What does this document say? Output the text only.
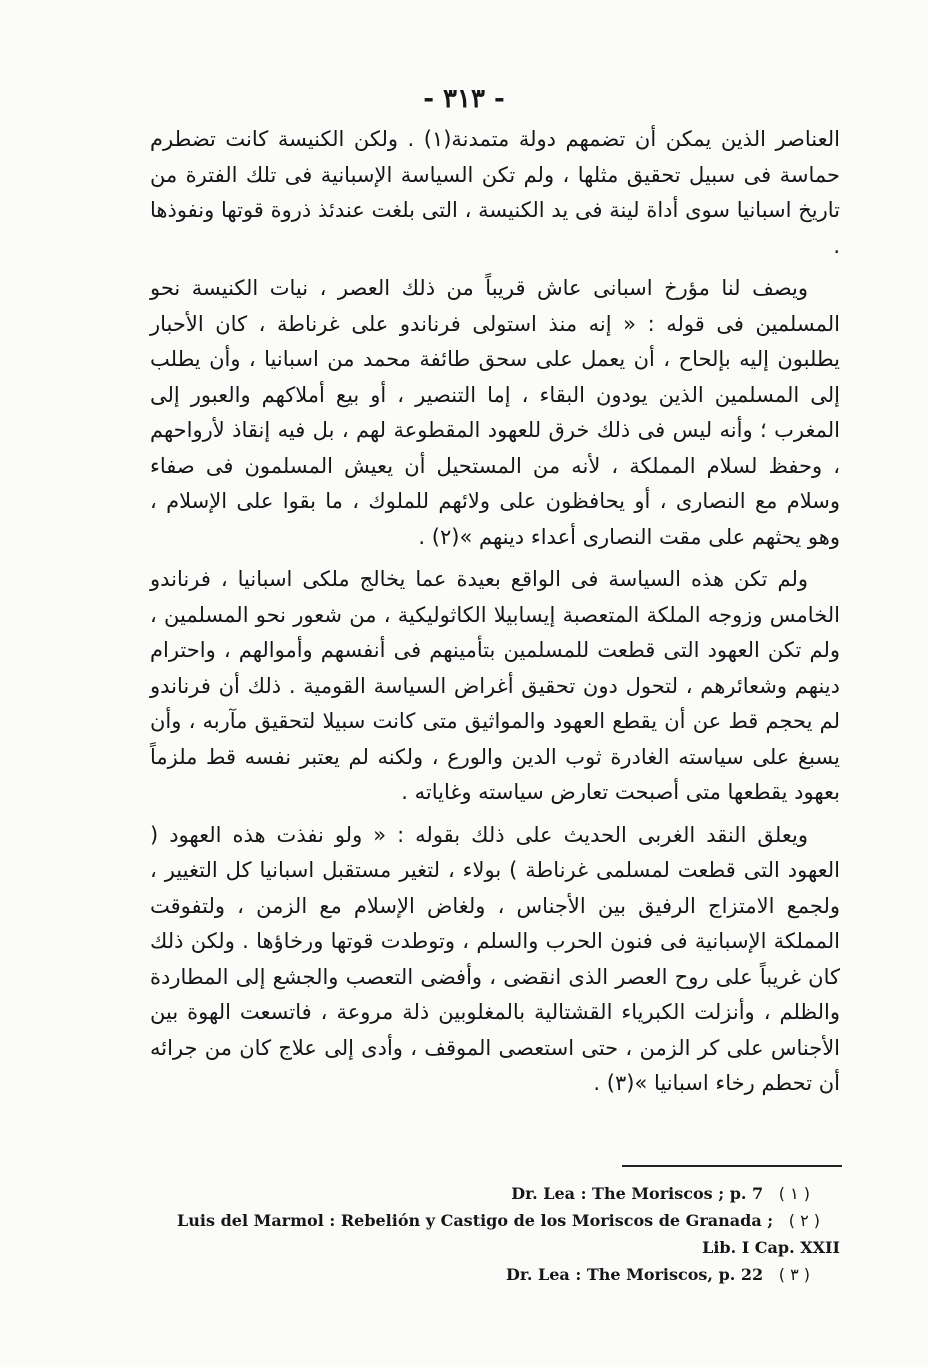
- ٣١٣ -

العناصر الذين يمكن أن تضمهم دولة متمدنة(١) . ولكن الكنيسة كانت تضطرم حماسة فى سبيل تحقيق مثلها ، ولم تكن السياسة الإسبانية فى تلك الفترة من تاريخ اسبانيا سوى أداة لينة فى يد الكنيسة ، التى بلغت عندئذ ذروة قوتها ونفوذها .

ويصف لنا مؤرخ اسبانى عاش قريباً من ذلك العصر ، نيات الكنيسة نحو المسلمين فى قوله : « إنه منذ استولى فرناندو على غرناطة ، كان الأحبار يطلبون إليه بإلحاح ، أن يعمل على سحق طائفة محمد من اسبانيا ، وأن يطلب إلى المسلمين الذين يودون البقاء ، إما التنصير ، أو بيع أملاكهم والعبور إلى المغرب ؛ وأنه ليس فى ذلك خرق للعهود المقطوعة لهم ، بل فيه إنقاذ لأرواحهم ، وحفظ لسلام المملكة ، لأنه من المستحيل أن يعيش المسلمون فى صفاء وسلام مع النصارى ، أو يحافظون على ولائهم للملوك ، ما بقوا على الإسلام ، وهو يحثهم على مقت النصارى أعداء دينهم »(٢) .

ولم تكن هذه السياسة فى الواقع بعيدة عما يخالج ملكى اسبانيا ، فرناندو الخامس وزوجه الملكة المتعصبة إيسابيلا الكاثوليكية ، من شعور نحو المسلمين ، ولم تكن العهود التى قطعت للمسلمين بتأمينهم فى أنفسهم وأموالهم ، واحترام دينهم وشعائرهم ، لتحول دون تحقيق أغراض السياسة القومية . ذلك أن فرناندو لم يحجم قط عن أن يقطع العهود والمواثيق متى كانت سبيلا لتحقيق مآربه ، وأن يسبغ على سياسته الغادرة ثوب الدين والورع ، ولكنه لم يعتبر نفسه قط ملزماً بعهود يقطعها متى أصبحت تعارض سياسته وغاياته .

ويعلق النقد الغربى الحديث على ذلك بقوله : « ولو نفذت هذه العهود ( العهود التى قطعت لمسلمى غرناطة ) بولاء ، لتغير مستقبل اسبانيا كل التغيير ، ولجمع الامتزاج الرفيق بين الأجناس ، ولغاض الإسلام مع الزمن ، ولتفوقت المملكة الإسبانية فى فنون الحرب والسلم ، وتوطدت قوتها ورخاؤها . ولكن ذلك كان غريباً على روح العصر الذى انقضى ، وأفضى التعصب والجشع إلى المطاردة والظلم ، وأنزلت الكبرياء القشتالية بالمغلوبين ذلة مروعة ، فاتسعت الهوة بين الأجناس على كر الزمن ، حتى استعصى الموقف ، وأدى إلى علاج كان من جرائه أن تحطم رخاء اسبانيا »(٣) .

Dr. Lea : The Moriscos ; p. 7 ( ١ )
Luis del Marmol : Rebelión y Castigo de los Moriscos de Granada ; ( ٢ )
Lib. I Cap. XXII
Dr. Lea : The Moriscos, p. 22 ( ٣ )
